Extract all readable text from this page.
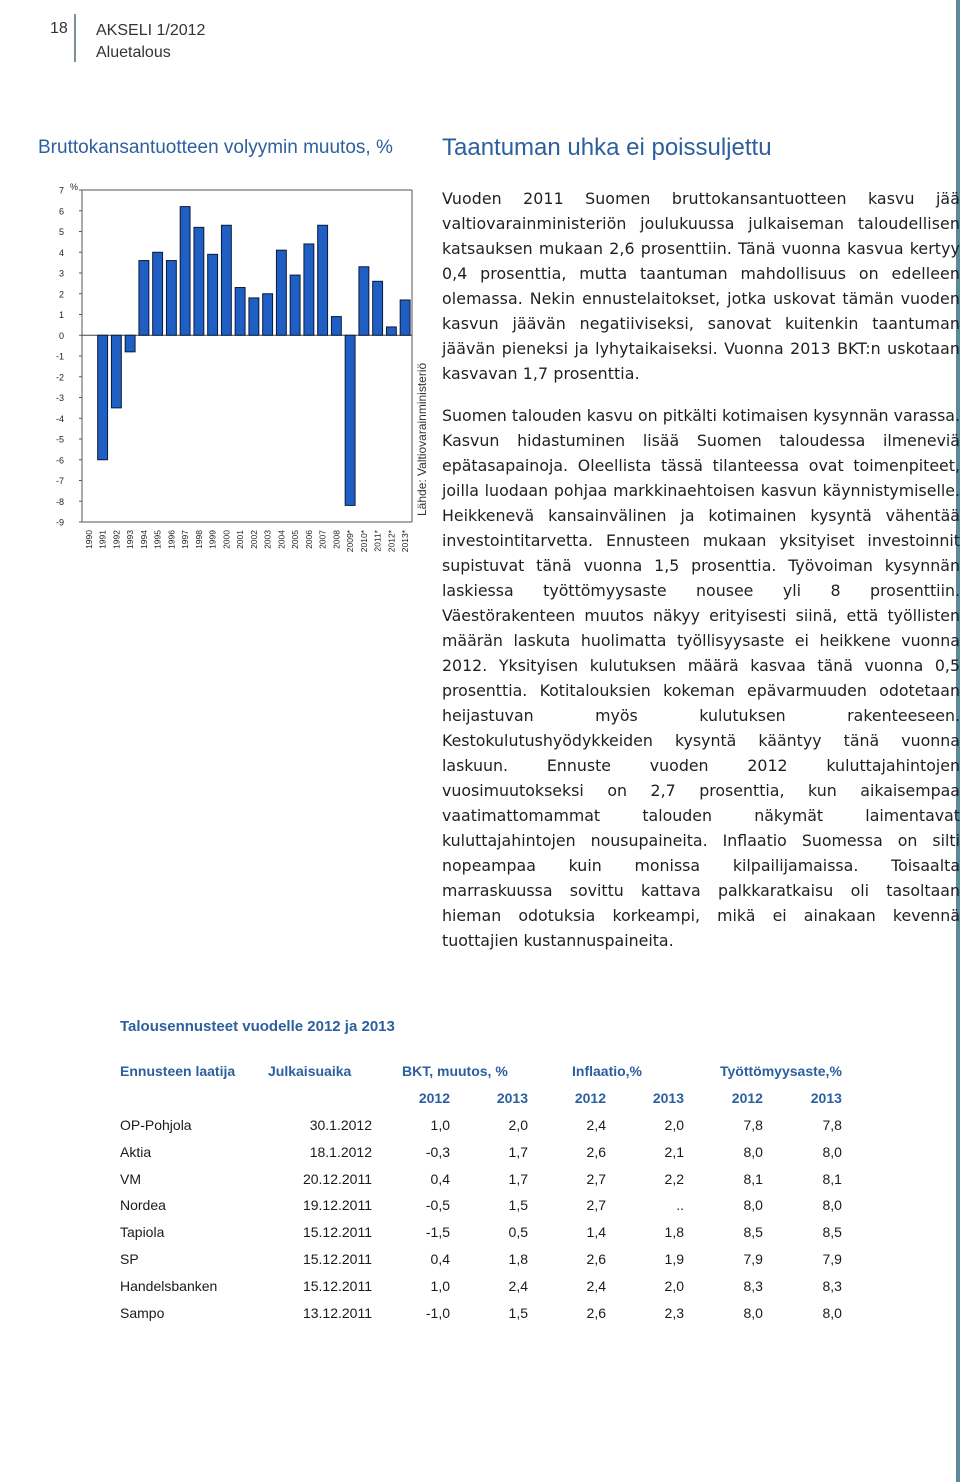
18 AKSELI 1/2012
Aluetalous
Bruttokansantuotteen volyymin muutos, %
7
6
5
4
3
2
1
0
-1
-2
-3
-4
-5
-6
-7
-8
-9
%
1990 1991 1992 1993 1994 1995 1996 1997 1998 1999 2000 2001 2002 2003 2004 2005 2006 2007 2008 2009* 2010* 2011* 2012* 2013*
Lähde: Valtiovarainministeriö
Taantuman uhka ei poissuljettu

Vuoden 2011 Suomen bruttokansantuotteen kasvu jää valtiovarainministeriön joulukuussa julkaiseman taloudellisen katsauksen mukaan 2,6 prosenttiin. Tänä vuonna kasvua kertyy 0,4 prosenttia, mutta taantuman mahdollisuus on edelleen olemassa. Nekin ennustelaitokset, jotka uskovat tämän vuoden kasvun jäävän negatiiviseksi, sanovat kuitenkin taantuman jäävän pieneksi ja lyhytaikaiseksi. Vuonna 2013 BKT:n uskotaan kasvavan 1,7 prosenttia.

Suomen talouden kasvu on pitkälti kotimaisen kysynnän varassa. Kasvun hidastuminen lisää Suomen taloudessa ilmeneviä epätasapainoja. Oleellista tässä tilanteessa ovat toimenpiteet, joilla luodaan pohjaa markkinaehtoisen kasvun käynnistymiselle. Heikkenevä kansainvälinen ja kotimainen kysyntä vähentää investointitarvetta. Ennusteen mukaan yksityiset investoinnit supistuvat tänä vuonna 1,5 prosenttia. Työvoiman kysynnän laskiessa työttömyysaste nousee yli 8 prosenttiin. Väestörakenteen muutos näkyy erityisesti siinä, että työllisten määrän laskuta huolimatta työllisyysaste ei heikkene vuonna 2012. Yksityisen kulutuksen määrä kasvaa tänä vuonna 0,5 prosenttia. Kotitalouksien kokeman epävarmuuden odotetaan heijastuvan myös kulutuksen rakenteeseen. Kestokulutushyödykkeiden kysyntä kääntyy tänä vuonna laskuun. Ennuste vuoden 2012 kuluttajahintojen vuosimuutokseksi on 2,7 prosenttia, kun aikaisempaa vaatimattomammat talouden näkymät laimentavat kuluttajahintojen nousupaineita. Inflaatio Suomessa on silti nopeampaa kuin monissa kilpailijamaissa. Toisaalta marraskuussa sovittu kattava palkkaratkaisu oli tasoltaan hieman odotuksia korkeampi, mikä ei ainakaan kevennä tuottajien kustannuspaineita.

Talousennusteet vuodelle 2012 ja 2013
Ennusteen laatija	Julkaisuaika	BKT, muutos, %		Inflaatio,%		Työttömyysaste,%	
		2012	2013	2012	2013	2012	2013
OP-Pohjola	30.1.2012	1,0	2,0	2,4	2,0	7,8	7,8
Aktia	18.1.2012	-0,3	1,7	2,6	2,1	8,0	8,0
VM	20.12.2011	0,4	1,7	2,7	2,2	8,1	8,1
Nordea	19.12.2011	-0,5	1,5	2,7	..	8,0	8,0
Tapiola	15.12.2011	-1,5	0,5	1,4	1,8	8,5	8,5
SP	15.12.2011	0,4	1,8	2,6	1,9	7,9	7,9
Handelsbanken	15.12.2011	1,0	2,4	2,4	2,0	8,3	8,3
Sampo	13.12.2011	-1,0	1,5	2,6	2,3	8,0	8,0
